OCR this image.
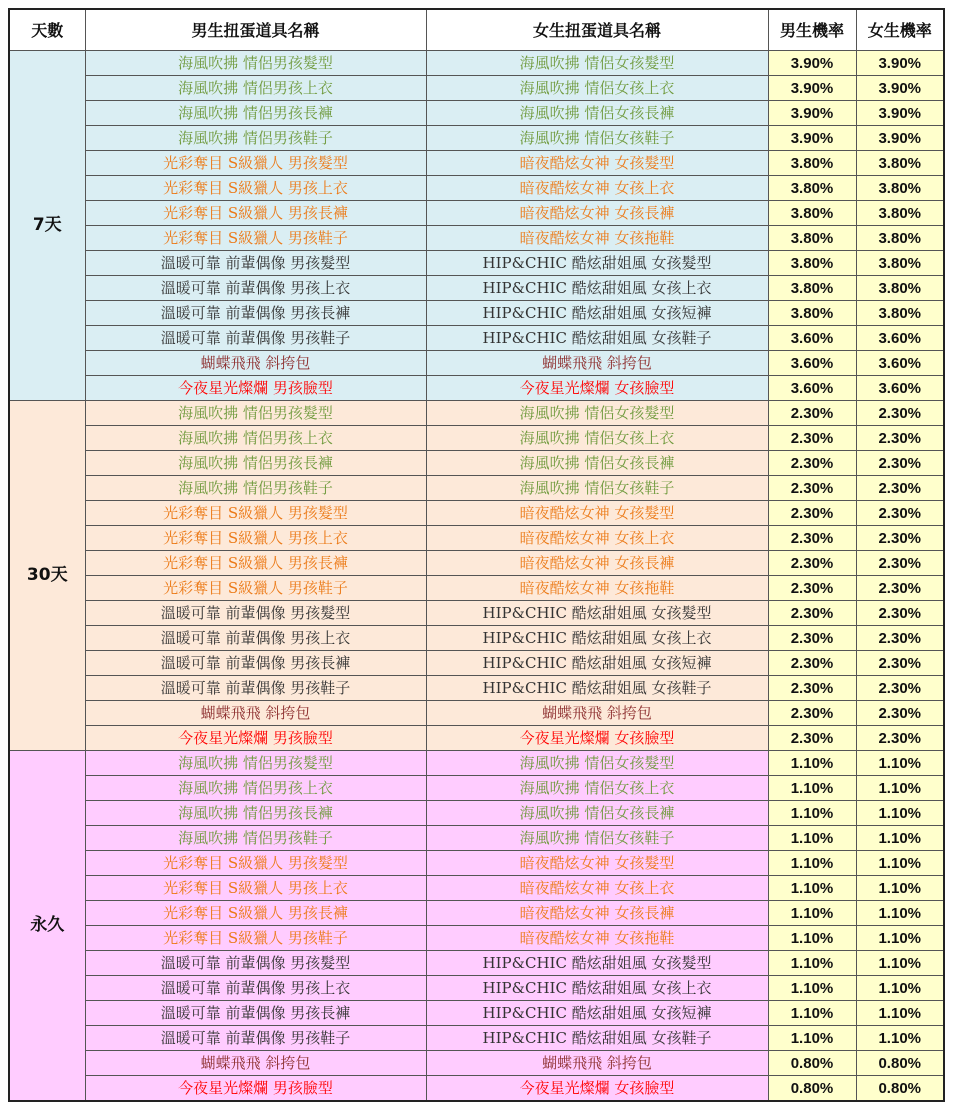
天數	男生扭蛋道具名稱	女生扭蛋道具名稱	男生機率	女生機率
7天	海風吹拂 情侶男孩髮型	海風吹拂 情侶女孩髮型	3.90%	3.90%
	海風吹拂 情侶男孩上衣	海風吹拂 情侶女孩上衣	3.90%	3.90%
	海風吹拂 情侶男孩長褲	海風吹拂 情侶女孩長褲	3.90%	3.90%
	海風吹拂 情侶男孩鞋子	海風吹拂 情侶女孩鞋子	3.90%	3.90%
	光彩奪目 S級獵人 男孩髮型	暗夜酷炫女神 女孩髮型	3.80%	3.80%
	光彩奪目 S級獵人 男孩上衣	暗夜酷炫女神 女孩上衣	3.80%	3.80%
	光彩奪目 S級獵人 男孩長褲	暗夜酷炫女神 女孩長褲	3.80%	3.80%
	光彩奪目 S級獵人 男孩鞋子	暗夜酷炫女神 女孩拖鞋	3.80%	3.80%
	溫暖可靠 前輩偶像 男孩髮型	HIP&CHIC 酷炫甜姐風 女孩髮型	3.80%	3.80%
	溫暖可靠 前輩偶像 男孩上衣	HIP&CHIC 酷炫甜姐風 女孩上衣	3.80%	3.80%
	溫暖可靠 前輩偶像 男孩長褲	HIP&CHIC 酷炫甜姐風 女孩短褲	3.80%	3.80%
	溫暖可靠 前輩偶像 男孩鞋子	HIP&CHIC 酷炫甜姐風 女孩鞋子	3.60%	3.60%
	蝴蝶飛飛 斜挎包	蝴蝶飛飛 斜挎包	3.60%	3.60%
	今夜星光燦爛 男孩臉型	今夜星光燦爛 女孩臉型	3.60%	3.60%
30天	海風吹拂 情侶男孩髮型	海風吹拂 情侶女孩髮型	2.30%	2.30%
	海風吹拂 情侶男孩上衣	海風吹拂 情侶女孩上衣	2.30%	2.30%
	海風吹拂 情侶男孩長褲	海風吹拂 情侶女孩長褲	2.30%	2.30%
	海風吹拂 情侶男孩鞋子	海風吹拂 情侶女孩鞋子	2.30%	2.30%
	光彩奪目 S級獵人 男孩髮型	暗夜酷炫女神 女孩髮型	2.30%	2.30%
	光彩奪目 S級獵人 男孩上衣	暗夜酷炫女神 女孩上衣	2.30%	2.30%
	光彩奪目 S級獵人 男孩長褲	暗夜酷炫女神 女孩長褲	2.30%	2.30%
	光彩奪目 S級獵人 男孩鞋子	暗夜酷炫女神 女孩拖鞋	2.30%	2.30%
	溫暖可靠 前輩偶像 男孩髮型	HIP&CHIC 酷炫甜姐風 女孩髮型	2.30%	2.30%
	溫暖可靠 前輩偶像 男孩上衣	HIP&CHIC 酷炫甜姐風 女孩上衣	2.30%	2.30%
	溫暖可靠 前輩偶像 男孩長褲	HIP&CHIC 酷炫甜姐風 女孩短褲	2.30%	2.30%
	溫暖可靠 前輩偶像 男孩鞋子	HIP&CHIC 酷炫甜姐風 女孩鞋子	2.30%	2.30%
	蝴蝶飛飛 斜挎包	蝴蝶飛飛 斜挎包	2.30%	2.30%
	今夜星光燦爛 男孩臉型	今夜星光燦爛 女孩臉型	2.30%	2.30%
永久	海風吹拂 情侶男孩髮型	海風吹拂 情侶女孩髮型	1.10%	1.10%
	海風吹拂 情侶男孩上衣	海風吹拂 情侶女孩上衣	1.10%	1.10%
	海風吹拂 情侶男孩長褲	海風吹拂 情侶女孩長褲	1.10%	1.10%
	海風吹拂 情侶男孩鞋子	海風吹拂 情侶女孩鞋子	1.10%	1.10%
	光彩奪目 S級獵人 男孩髮型	暗夜酷炫女神 女孩髮型	1.10%	1.10%
	光彩奪目 S級獵人 男孩上衣	暗夜酷炫女神 女孩上衣	1.10%	1.10%
	光彩奪目 S級獵人 男孩長褲	暗夜酷炫女神 女孩長褲	1.10%	1.10%
	光彩奪目 S級獵人 男孩鞋子	暗夜酷炫女神 女孩拖鞋	1.10%	1.10%
	溫暖可靠 前輩偶像 男孩髮型	HIP&CHIC 酷炫甜姐風 女孩髮型	1.10%	1.10%
	溫暖可靠 前輩偶像 男孩上衣	HIP&CHIC 酷炫甜姐風 女孩上衣	1.10%	1.10%
	溫暖可靠 前輩偶像 男孩長褲	HIP&CHIC 酷炫甜姐風 女孩短褲	1.10%	1.10%
	溫暖可靠 前輩偶像 男孩鞋子	HIP&CHIC 酷炫甜姐風 女孩鞋子	1.10%	1.10%
	蝴蝶飛飛 斜挎包	蝴蝶飛飛 斜挎包	0.80%	0.80%
	今夜星光燦爛 男孩臉型	今夜星光燦爛 女孩臉型	0.80%	0.80%
